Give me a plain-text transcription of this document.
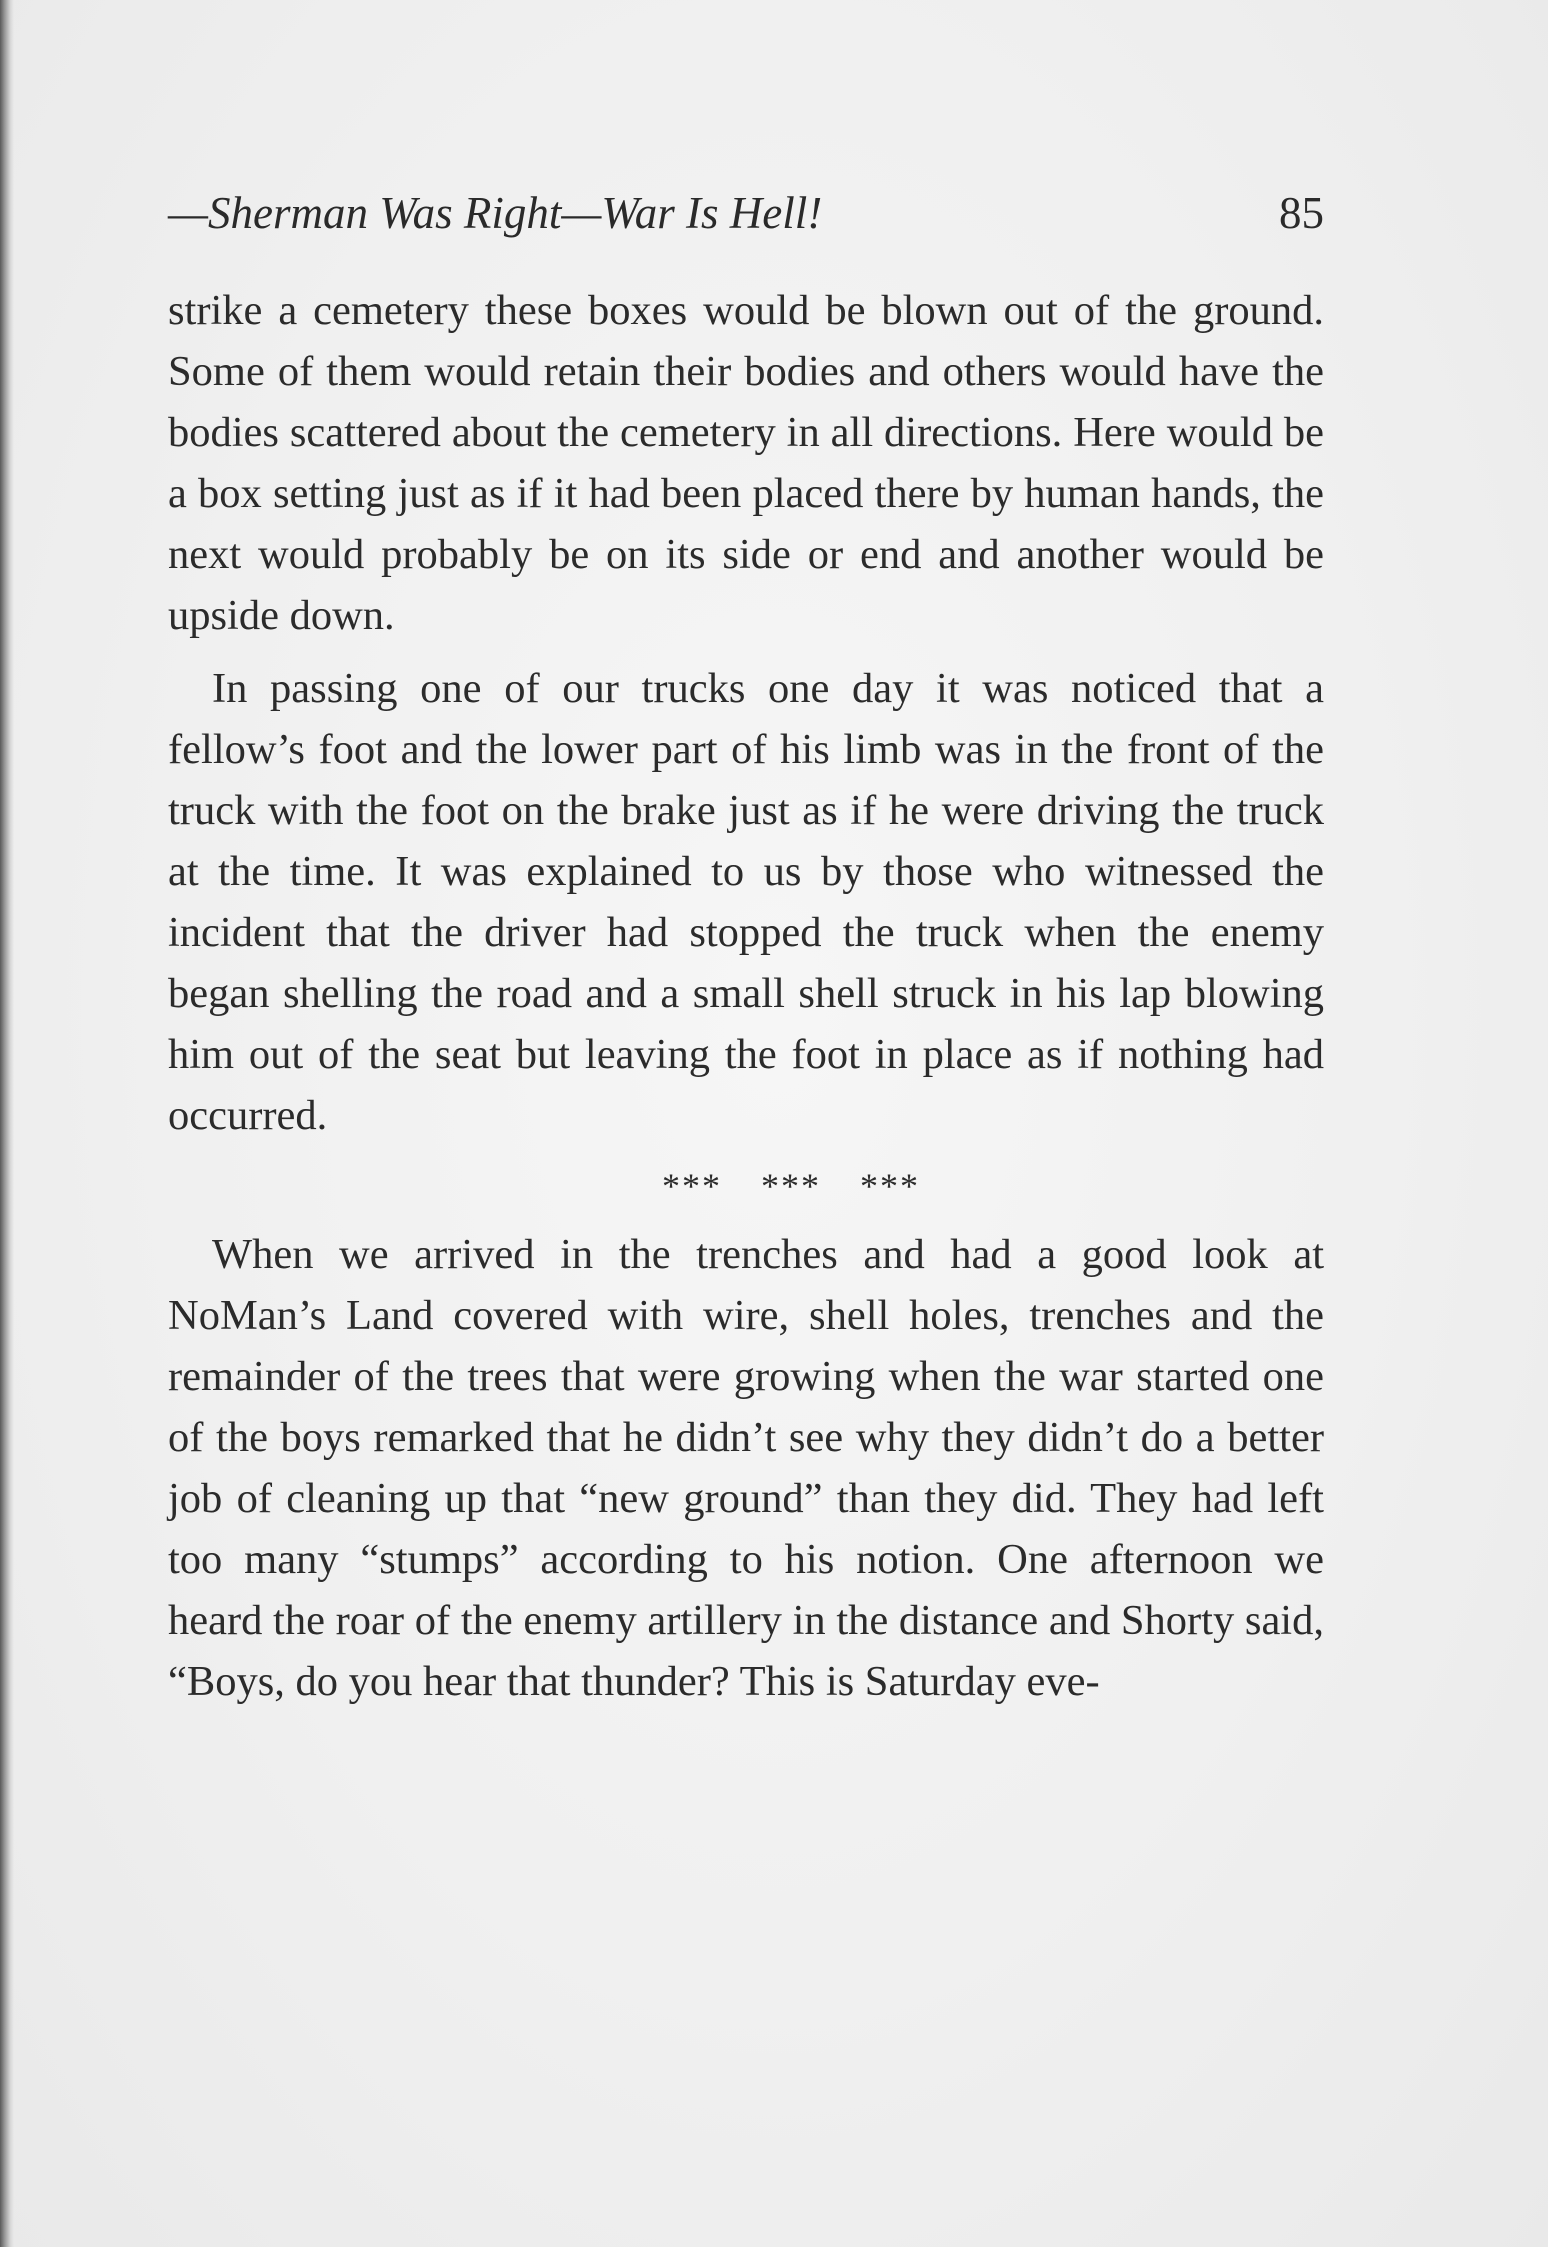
—Sherman Was Right—War Is Hell!	85

strike a cemetery these boxes would be blown out of the ground. Some of them would retain their bodies and others would have the bodies scattered about the cemetery in all directions. Here would be a box setting just as if it had been placed there by human hands, the next would probably be on its side or end and another would be upside down.

In passing one of our trucks one day it was noticed that a fellow’s foot and the lower part of his limb was in the front of the truck with the foot on the brake just as if he were driving the truck at the time. It was explained to us by those who witnessed the incident that the driver had stopped the truck when the enemy began shelling the road and a small shell struck in his lap blowing him out of the seat but leaving the foot in place as if nothing had occurred.

*** *** ***

When we arrived in the trenches and had a good look at NoMan’s Land covered with wire, shell holes, trenches and the remainder of the trees that were growing when the war started one of the boys remarked that he didn’t see why they didn’t do a better job of cleaning up that “new ground” than they did. They had left too many “stumps” according to his notion. One afternoon we heard the roar of the enemy artillery in the distance and Shorty said, “Boys, do you hear that thunder? This is Saturday eve-
